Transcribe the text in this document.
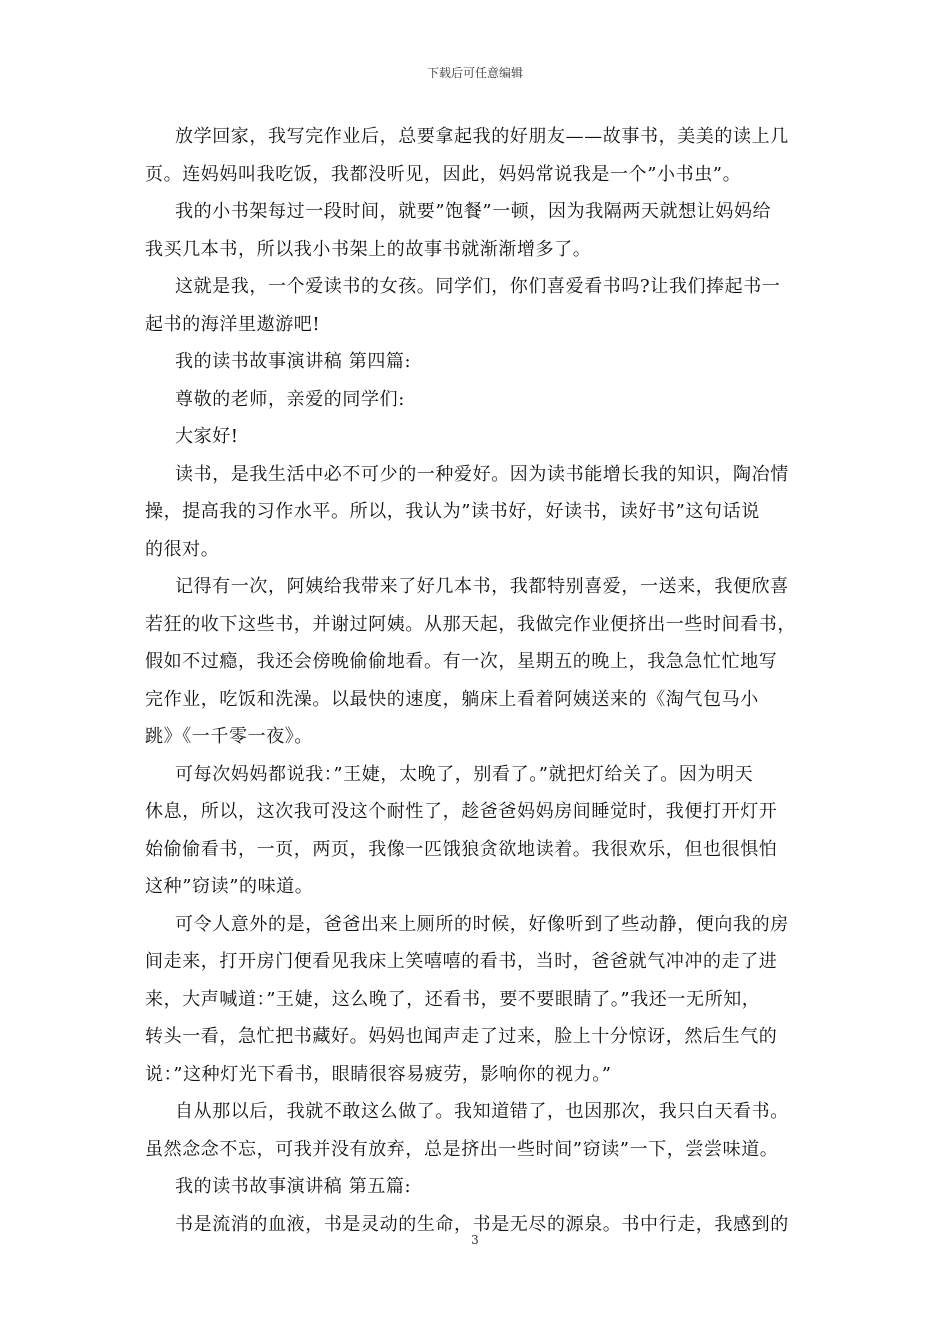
下载后可任意编辑
放学回家，我写完作业后，总要拿起我的好朋友——故事书，美美的读上几
页。连妈妈叫我吃饭，我都没听见，因此，妈妈常说我是一个”小书虫”。
我的小书架每过一段时间，就要”饱餐”一顿，因为我隔两天就想让妈妈给
我买几本书，所以我小书架上的故事书就渐渐增多了。
这就是我，一个爱读书的女孩。同学们，你们喜爱看书吗?让我们捧起书一
起书的海洋里遨游吧!
我的读书故事演讲稿 第四篇:
尊敬的老师，亲爱的同学们:
大家好!
读书，是我生活中必不可少的一种爱好。因为读书能增长我的知识，陶冶情
操，提高我的习作水平。所以，我认为”读书好，好读书，读好书”这句话说
的很对。
记得有一次，阿姨给我带来了好几本书，我都特别喜爱，一送来，我便欣喜
若狂的收下这些书，并谢过阿姨。从那天起，我做完作业便挤出一些时间看书，
假如不过瘾，我还会傍晚偷偷地看。有一次，星期五的晚上，我急急忙忙地写
完作业，吃饭和洗澡。以最快的速度，躺床上看着阿姨送来的《淘气包马小
跳》《一千零一夜》。
可每次妈妈都说我：”王婕，太晚了，别看了。”就把灯给关了。因为明天
休息，所以，这次我可没这个耐性了，趁爸爸妈妈房间睡觉时，我便打开灯开
始偷偷看书，一页，两页，我像一匹饿狼贪欲地读着。我很欢乐，但也很惧怕
这种”窃读”的味道。
可令人意外的是，爸爸出来上厕所的时候，好像听到了些动静，便向我的房
间走来，打开房门便看见我床上笑嘻嘻的看书，当时，爸爸就气冲冲的走了进
来，大声喊道：”王婕，这么晚了，还看书，要不要眼睛了。”我还一无所知，
转头一看，急忙把书藏好。妈妈也闻声走了过来，脸上十分惊讶，然后生气的
说：”这种灯光下看书，眼睛很容易疲劳，影响你的视力。”
自从那以后，我就不敢这么做了。我知道错了，也因那次，我只白天看书。
虽然念念不忘，可我并没有放弃，总是挤出一些时间”窃读”一下，尝尝味道。
我的读书故事演讲稿 第五篇:
书是流消的血液，书是灵动的生命，书是无尽的源泉。书中行走，我感到的
3
